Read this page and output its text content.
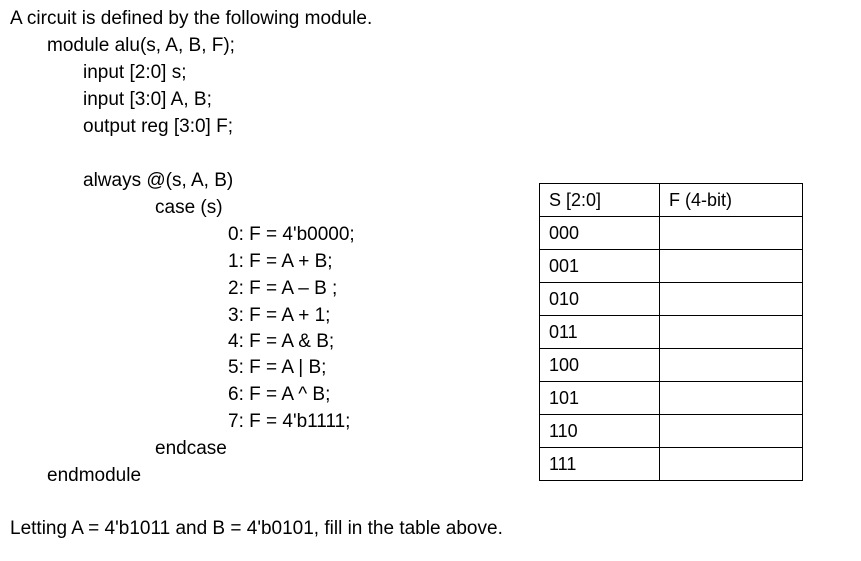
A circuit is defined by the following module.
module alu(s, A, B, F);
input [2:0] s;
input [3:0] A, B;
output reg [3:0] F;
always @(s, A, B)
case (s)
0: F = 4'b0000;
1: F = A + B;
2: F = A – B ;
3: F = A + 1;
4: F = A & B;
5: F = A | B;
6: F = A ^ B;
7: F = 4'b1111;
endcase
endmodule
S [2:0]	F (4-bit)
000	
001	
010	
011	
100	
101	
110	
111	
Letting A = 4'b1011 and B = 4'b0101, fill in the table above.
